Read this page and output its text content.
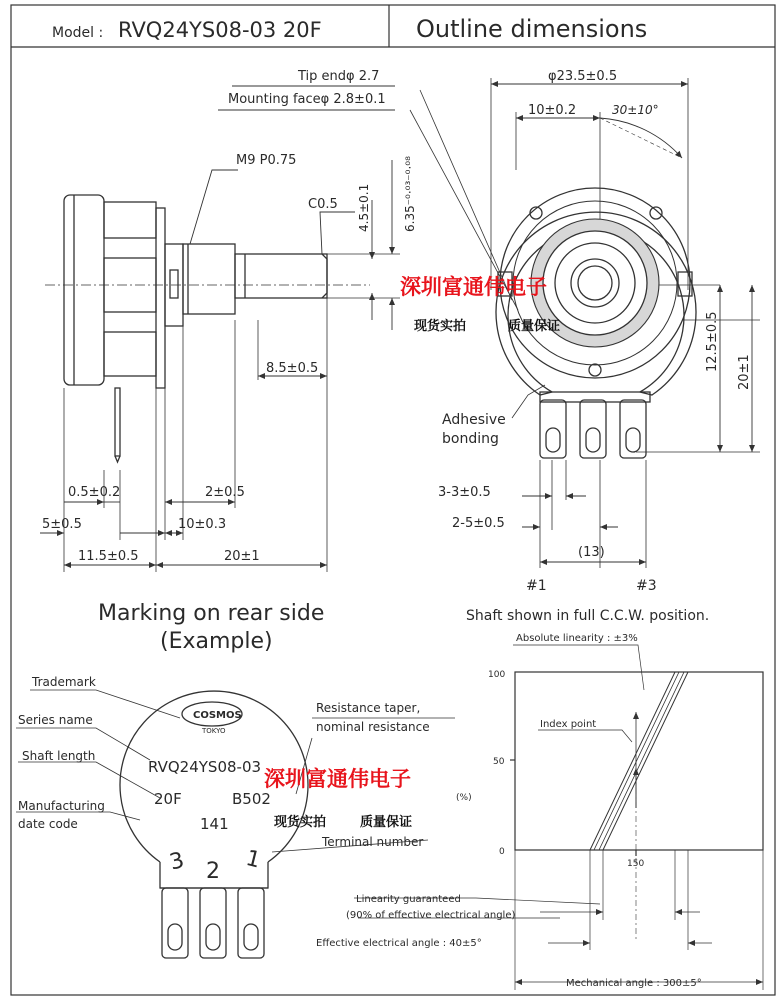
Model : RVQ24YS08-03 20F	Outline dimensions
Tip endφ 2.7
Mounting faceφ 2.8±0.1
M9 P0.75
C0.5 4.5±0.1	6.35⁻⁰·⁰³⁻⁰·⁰⁸
8.5±0.5
0.5±0.2	2±0.5
5±0.5	10±0.3
11.5±0.5	20±1
φ23.5±0.5
10±0.2	30±10°
12.5±0.5
20±1
Adhesive
bonding
3-3±0.5
2-5±0.5
(13)
#1	#3
Shaft shown in full C.C.W. position.
Marking on rear side
(Example)
COSMOS
TOKYO
Trademark
Series name
Shaft length
Manufacturing
date code
Resistance taper,
nominal resistance
Terminal number
RVQ24YS08-03
20F	B502
141
3 2 1
Absolute linearity : ±3%
Index point
(%)
100
50
0
150
Linearity guaranteed
(90% of effective electrical angle)
Effective electrical angle : 40±5°
Mechanical angle : 300±5°
深圳富通伟电子
现货实拍	质量保证
深圳富通伟电子
现货实拍	质量保证
